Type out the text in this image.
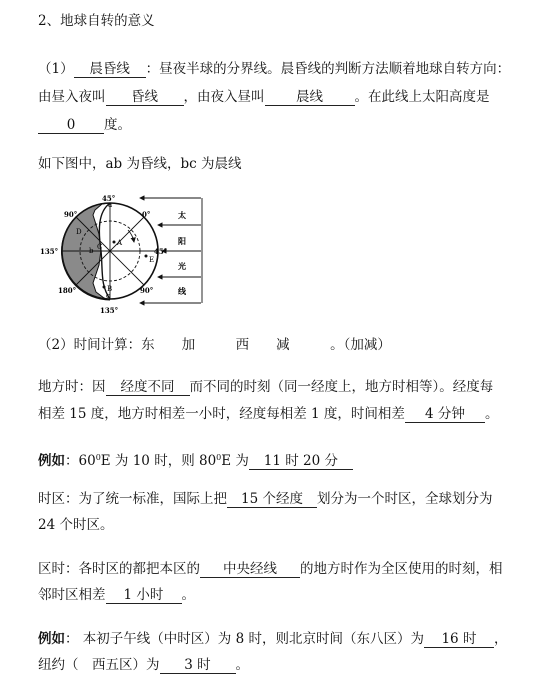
2、地球自转的意义
（1） 晨昏线 ：昼夜半球的分界线。晨昏线的判断方法顺着地球自转方向：
由昼入夜叫 昏线 ，由夜入昼叫 晨线 。在此线上太阳高度是
0 度。
如下图中，ab 为昏线，bc 为晨线
45°
90°	0°
135°	45°
180°	90°
135°
a
b
c
A
B
C
D
E
太
阳
光
线
（2）时间计算：东　　加　　　西　　减　　　。（加减）
地方时：因 经度不同 而不同的时刻（同一经度上，地方时相等）。经度每
相差 15 度，地方时相差一小时，经度每相差 1 度，时间相差 4 分钟 。
例如：$60^0E$ 为 10 时，则 $80^0E$ 为 11 时 20 分
时区：为了统一标准，国际上把 15 个经度 划分为一个时区，全球划分为
24 个时区。
区时：各时区的都把本区的 中央经线 的地方时作为全区使用的时刻，相
邻时区相差 1 小时 。
例如： 本初子午线（中时区）为 8 时，则北京时间（东八区）为 16 时 ，
纽约（　西五区）为 3 时 。
